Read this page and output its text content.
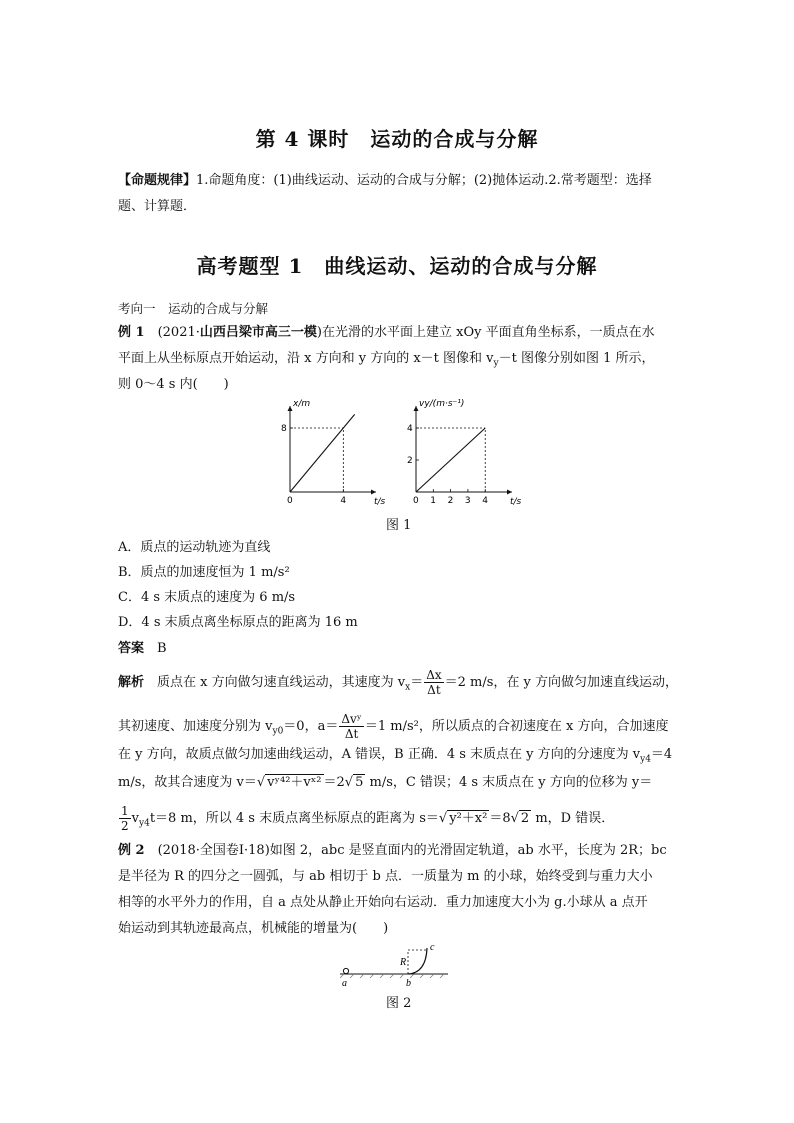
第 4 课时　运动的合成与分解
【命题规律】1.命题角度：(1)曲线运动、运动的合成与分解；(2)抛体运动.2.常考题型：选择
题、计算题．
高考题型 1　曲线运动、运动的合成与分解
考向一　运动的合成与分解
例 1　 (2021·山西吕梁市高三一模)在光滑的水平面上建立 xOy 平面直角坐标系，一质点在水
平面上从坐标原点开始运动，沿 x 方向和 y 方向的 x－t 图像和 $v_y-t$ 图像分别如图 1 所示，
则 0～4 s 内(　　)
t/s
x/m
0	4
8
t/s
vy/(m·s⁻¹)
0 1 2 3 4
2
4
图 1
A．质点的运动轨迹为直线
B．质点的加速度恒为 1 m/s²
C．4 s 末质点的速度为 6 m/s
D．4 s 末质点离坐标原点的距离为 16 m
答案　 B
解析　 质点在 x 方向做匀速直线运动，其速度为 $v_x= \frac{\Delta x}{\Delta t} =2$ m/s，在 y 方向做匀加速直线运动，
其初速度、加速度分别为 $v_{y0}=0$，$a= \frac{\text{Δvʸ}}{\Delta t} =1$ m/s²，所以质点的合初速度在 x 方向，合加速度
在 y 方向，故质点做匀加速曲线运动，A 错误，B 正确．4 s 末质点在 y 方向的分速度为 $v_{y4}=4$
m/s，故其合速度为 v＝√ vʸ⁴²＋vˣ² ＝2√ 5 m/s，C 错误；4 s 末质点在 y 方向的位移为 y＝
$\frac{1}{2} v_{y4}t=8$ m，所以 4 s 末质点离坐标原点的距离为 s＝√ y²＋x² ＝8√ 2 m，D 错误．
例 2　 (2018·全国卷Ⅰ·18)如图 2，abc 是竖直面内的光滑固定轨道，ab 水平，长度为 2R；bc
是半径为 R 的四分之一圆弧，与 ab 相切于 b 点．一质量为 m 的小球，始终受到与重力大小
相等的水平外力的作用，自 a 点处从静止开始向右运动．重力加速度大小为 g.小球从 a 点开
始运动到其轨迹最高点，机械能的增量为(　　)
a	b
c
R
图 2
